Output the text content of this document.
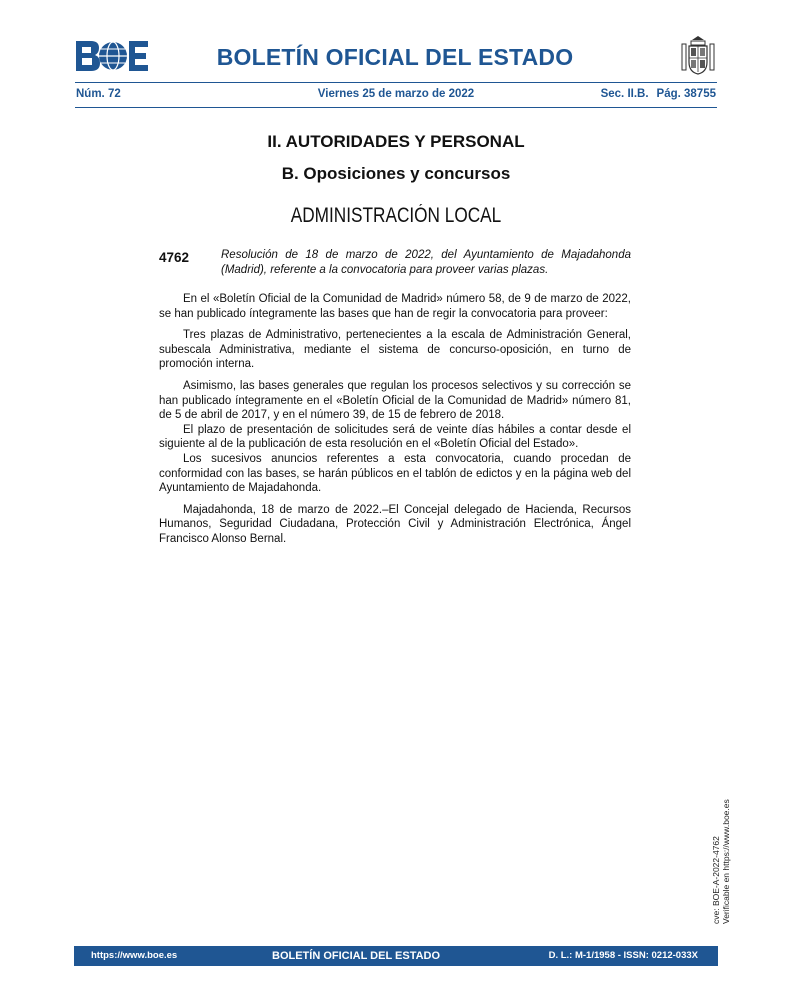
BOLETÍN OFICIAL DEL ESTADO
Núm. 72	Viernes 25 de marzo de 2022	Sec. II.B. Pág. 38755
II. AUTORIDADES Y PERSONAL
B. Oposiciones y concursos
ADMINISTRACIÓN LOCAL
4762	Resolución de 18 de marzo de 2022, del Ayuntamiento de Majadahonda (Madrid), referente a la convocatoria para proveer varias plazas.

En el «Boletín Oficial de la Comunidad de Madrid» número 58, de 9 de marzo de 2022, se han publicado íntegramente las bases que han de regir la convocatoria para proveer:

Tres plazas de Administrativo, pertenecientes a la escala de Administración General, subescala Administrativa, mediante el sistema de concurso-oposición, en turno de promoción interna.

Asimismo, las bases generales que regulan los procesos selectivos y su corrección se han publicado íntegramente en el «Boletín Oficial de la Comunidad de Madrid» número 81, de 5 de abril de 2017, y en el número 39, de 15 de febrero de 2018.

El plazo de presentación de solicitudes será de veinte días hábiles a contar desde el siguiente al de la publicación de esta resolución en el «Boletín Oficial del Estado».

Los sucesivos anuncios referentes a esta convocatoria, cuando procedan de conformidad con las bases, se harán públicos en el tablón de edictos y en la página web del Ayuntamiento de Majadahonda.

Majadahonda, 18 de marzo de 2022.–El Concejal delegado de Hacienda, Recursos Humanos, Seguridad Ciudadana, Protección Civil y Administración Electrónica, Ángel Francisco Alonso Bernal.

cve: BOE-A-2022-4762 Verificable en https://www.boe.es
https://www.boe.es	BOLETÍN OFICIAL DEL ESTADO	D. L.: M-1/1958 - ISSN: 0212-033X
